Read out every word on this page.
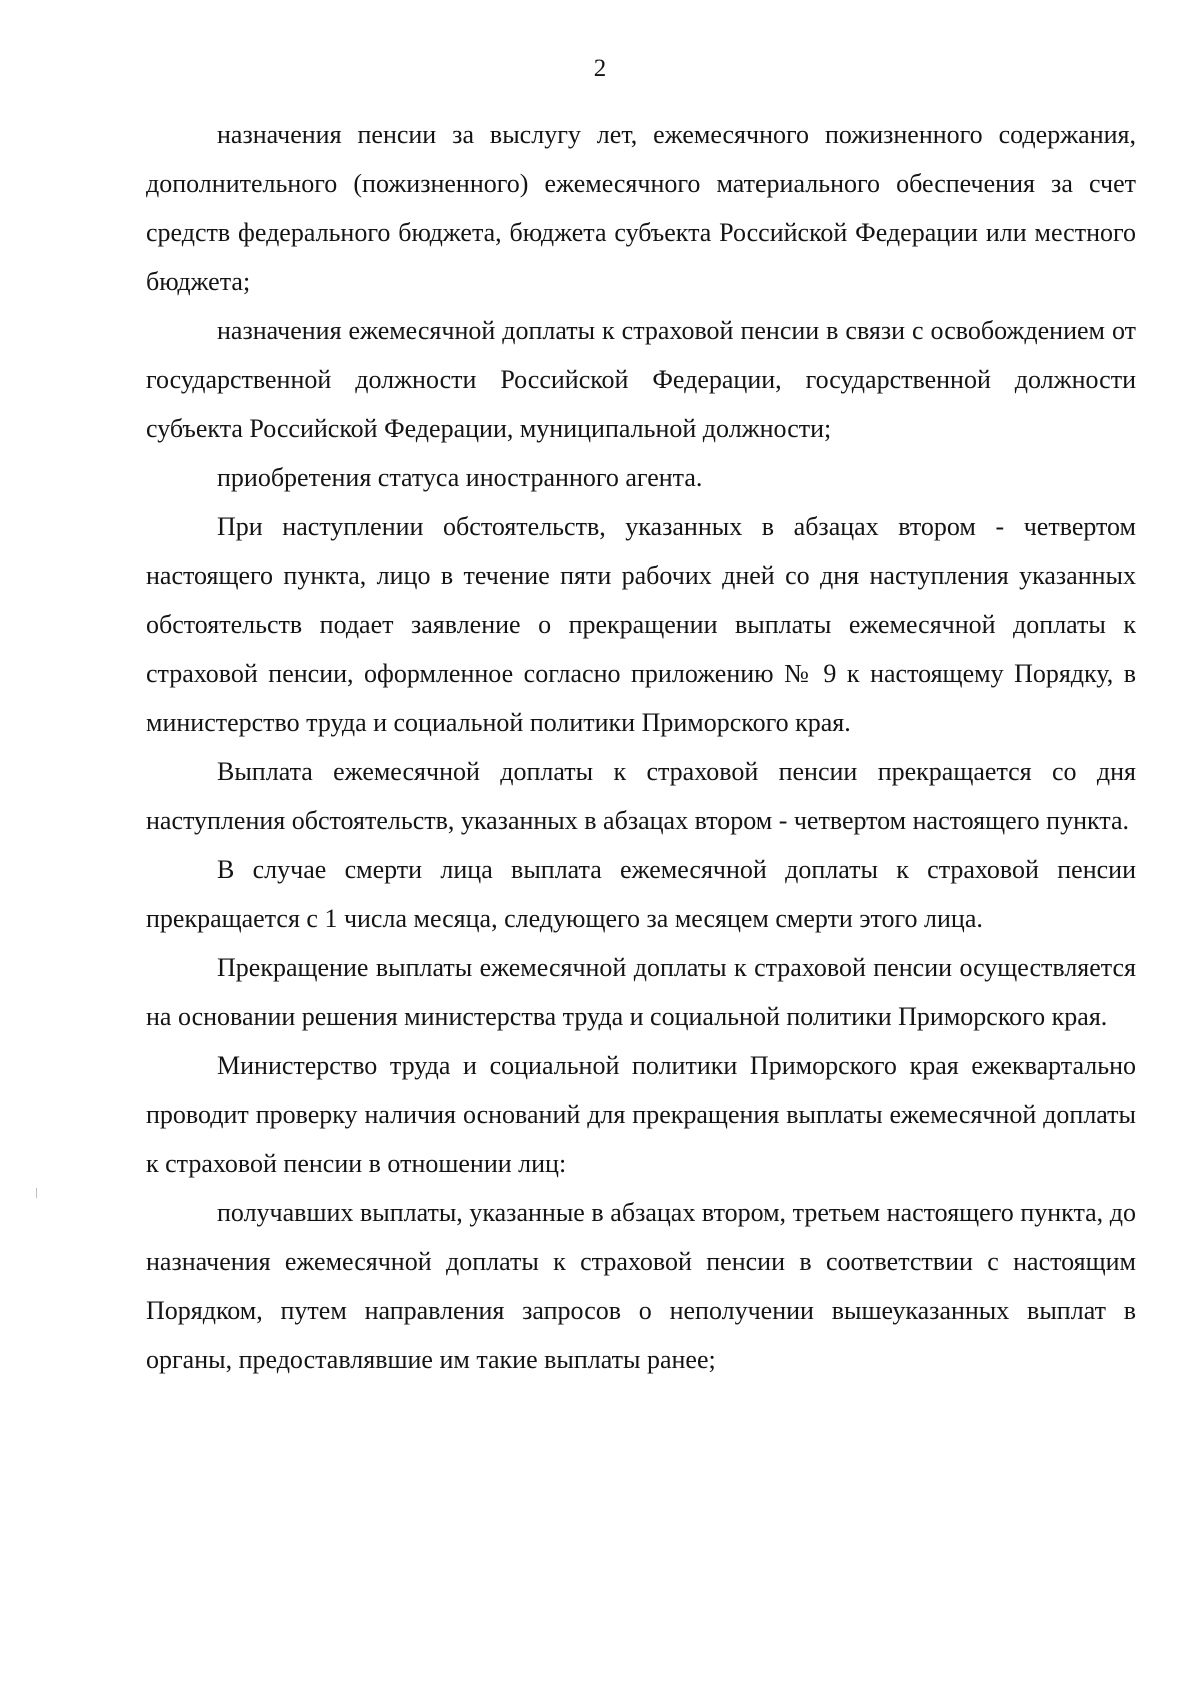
2

назначения пенсии за выслугу лет, ежемесячного пожизненного содержания, дополнительного (пожизненного) ежемесячного материального обеспечения за счет средств федерального бюджета, бюджета субъекта Российской Федерации или местного бюджета;

назначения ежемесячной доплаты к страховой пенсии в связи с освобождением от государственной должности Российской Федерации, государственной должности субъекта Российской Федерации, муниципальной должности;

приобретения статуса иностранного агента.

При наступлении обстоятельств, указанных в абзацах втором - четвертом настоящего пункта, лицо в течение пяти рабочих дней со дня наступления указанных обстоятельств подает заявление о прекращении выплаты ежемесячной доплаты к страховой пенсии, оформленное согласно приложению № 9 к настоящему Порядку, в министерство труда и социальной политики Приморского края.

Выплата ежемесячной доплаты к страховой пенсии прекращается со дня наступления обстоятельств, указанных в абзацах втором - четвертом настоящего пункта.

В случае смерти лица выплата ежемесячной доплаты к страховой пенсии прекращается с 1 числа месяца, следующего за месяцем смерти этого лица.

Прекращение выплаты ежемесячной доплаты к страховой пенсии осуществляется на основании решения министерства труда и социальной политики Приморского края.

Министерство труда и социальной политики Приморского края ежеквартально проводит проверку наличия оснований для прекращения выплаты ежемесячной доплаты к страховой пенсии в отношении лиц:

получавших выплаты, указанные в абзацах втором, третьем настоящего пункта, до назначения ежемесячной доплаты к страховой пенсии в соответствии с настоящим Порядком, путем направления запросов о неполучении вышеуказанных выплат в органы, предоставлявшие им такие выплаты ранее;
